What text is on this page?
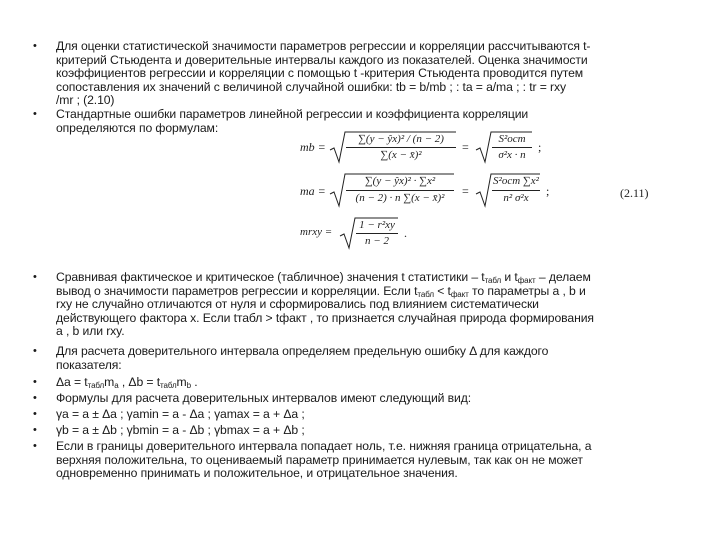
• Для оценки статистической значимости параметров регрессии и корреляции рассчитываются t-
критерий Стьюдента и доверительные интервалы каждого из показателей. Оценка значимости
коэффициентов регрессии и корреляции с помощью t -критерия Стьюдента проводится путем
сопоставления их значений с величиной случайной ошибки: tb = b/mb ; : ta = a/ma ; : tr = rxy
/mr ; (2.10)
• Стандартные ошибки параметров линейной регрессии и коэффициента корреляции
определяются по формулам:
mb =
∑(y − ŷx)² / (n − 2)
∑(x − x̄)²
=
S²ост
σ²x · n
;
ma =
∑(y − ŷx)² · ∑x²
(n − 2) · n ∑(x − x̄)²	=
S²ост ∑x²
n² σ²x	;
mrxy =
1 − r²xy
n − 2
.
(2.11)
• Сравнивая фактическое и критическое (табличное) значения t статистики – $t_{табл}$ и $t_{факт}$ – делаем
вывод о значимости параметров регрессии и корреляции. Если $t_{табл} < t_{факт}$ то параметры a , b и
rxy не случайно отличаются от нуля и сформировались под влиянием систематически
действующего фактора x. Если tтабл > tфакт , то признается случайная природа формирования
a , b или rxy.
• Для расчета доверительного интервала определяем предельную ошибку Δ для каждого
показателя:
• $\Delta a = t_{табл}m_a$ , $\Delta b = t_{табл}m_b$ .
• Формулы для расчета доверительных интервалов имеют следующий вид:
• γa = a ± Δa ; γamin = a - Δa ; γamax = a + Δa ;
• γb = a ± Δb ; γbmin = a - Δb ; γbmax = a + Δb ;
• Если в границы доверительного интервала попадает ноль, т.е. нижняя граница отрицательна, а
верхняя положительна, то оцениваемый параметр принимается нулевым, так как он не может
одновременно принимать и положительное, и отрицательное значения.
